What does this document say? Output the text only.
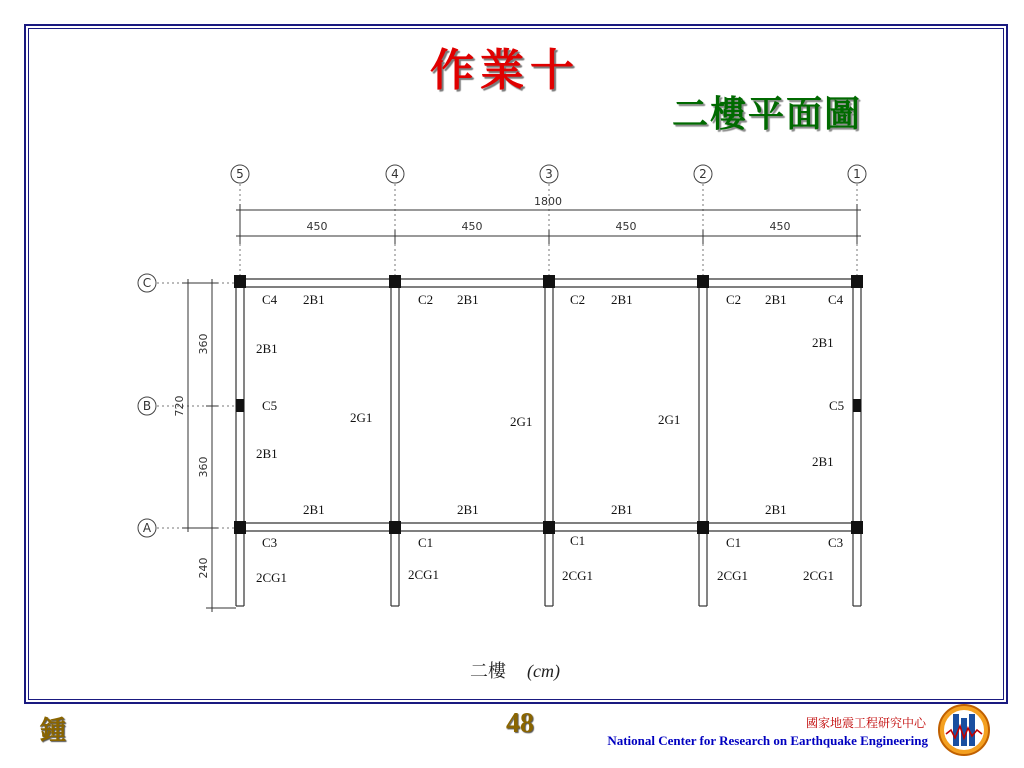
作業十
二樓平面圖
5	4	3	2	1
1800
450	450	450	450
C
B
A
720
360
360
240
C4 2B1	C2 2B1	C2 2B1	C2 2B1	C4
2B1	2B1
C5	C5
2G1	2G1	2G1
2B1
2B1
2B1	2B1	2B1	2B1
C3	C1	C1	C1	C3
2CG1	2CG1	2CG1	2CG1	2CG1
二樓 (cm)
鍾	48	國家地震工程研究中心
National Center for Research on Earthquake Engineering
